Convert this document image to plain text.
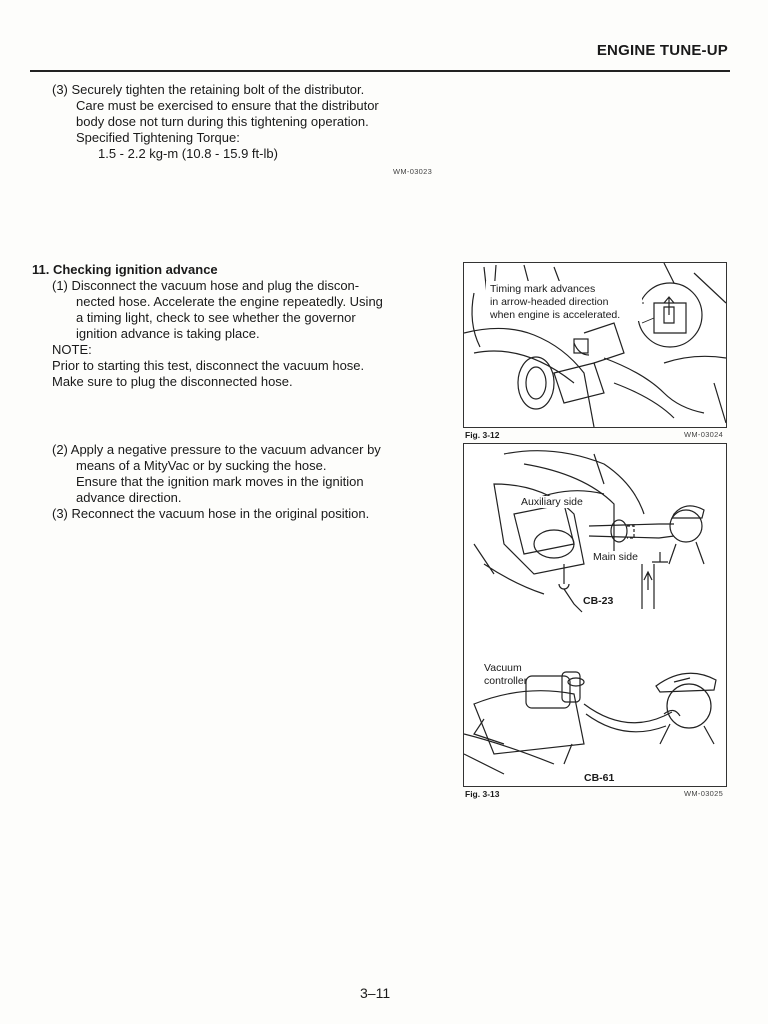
ENGINE TUNE-UP
(3) Securely tighten the retaining bolt of the distributor.
Care must be exercised to ensure that the distributor
body dose not turn during this tightening operation.
Specified Tightening Torque:
1.5 - 2.2 kg-m (10.8 - 15.9 ft-lb)
WM-03023
11. Checking ignition advance
(1) Disconnect the vacuum hose and plug the discon-
nected hose. Accelerate the engine repeatedly. Using
a timing light, check to see whether the governor
ignition advance is taking place.
NOTE:
Prior to starting this test, disconnect the vacuum hose.
Make sure to plug the disconnected hose.
(2) Apply a negative pressure to the vacuum advancer by
means of a MityVac or by sucking the hose.
Ensure that the ignition mark moves in the ignition
advance direction.
(3) Reconnect the vacuum hose in the original position.
Timing mark advances
in arrow-headed direction
when engine is accelerated.
Fig. 3-12	WM-03024
Auxiliary side
Main side
CB-23
Vacuum
controller
CB-61
Fig. 3-13	WM-03025
3–11
